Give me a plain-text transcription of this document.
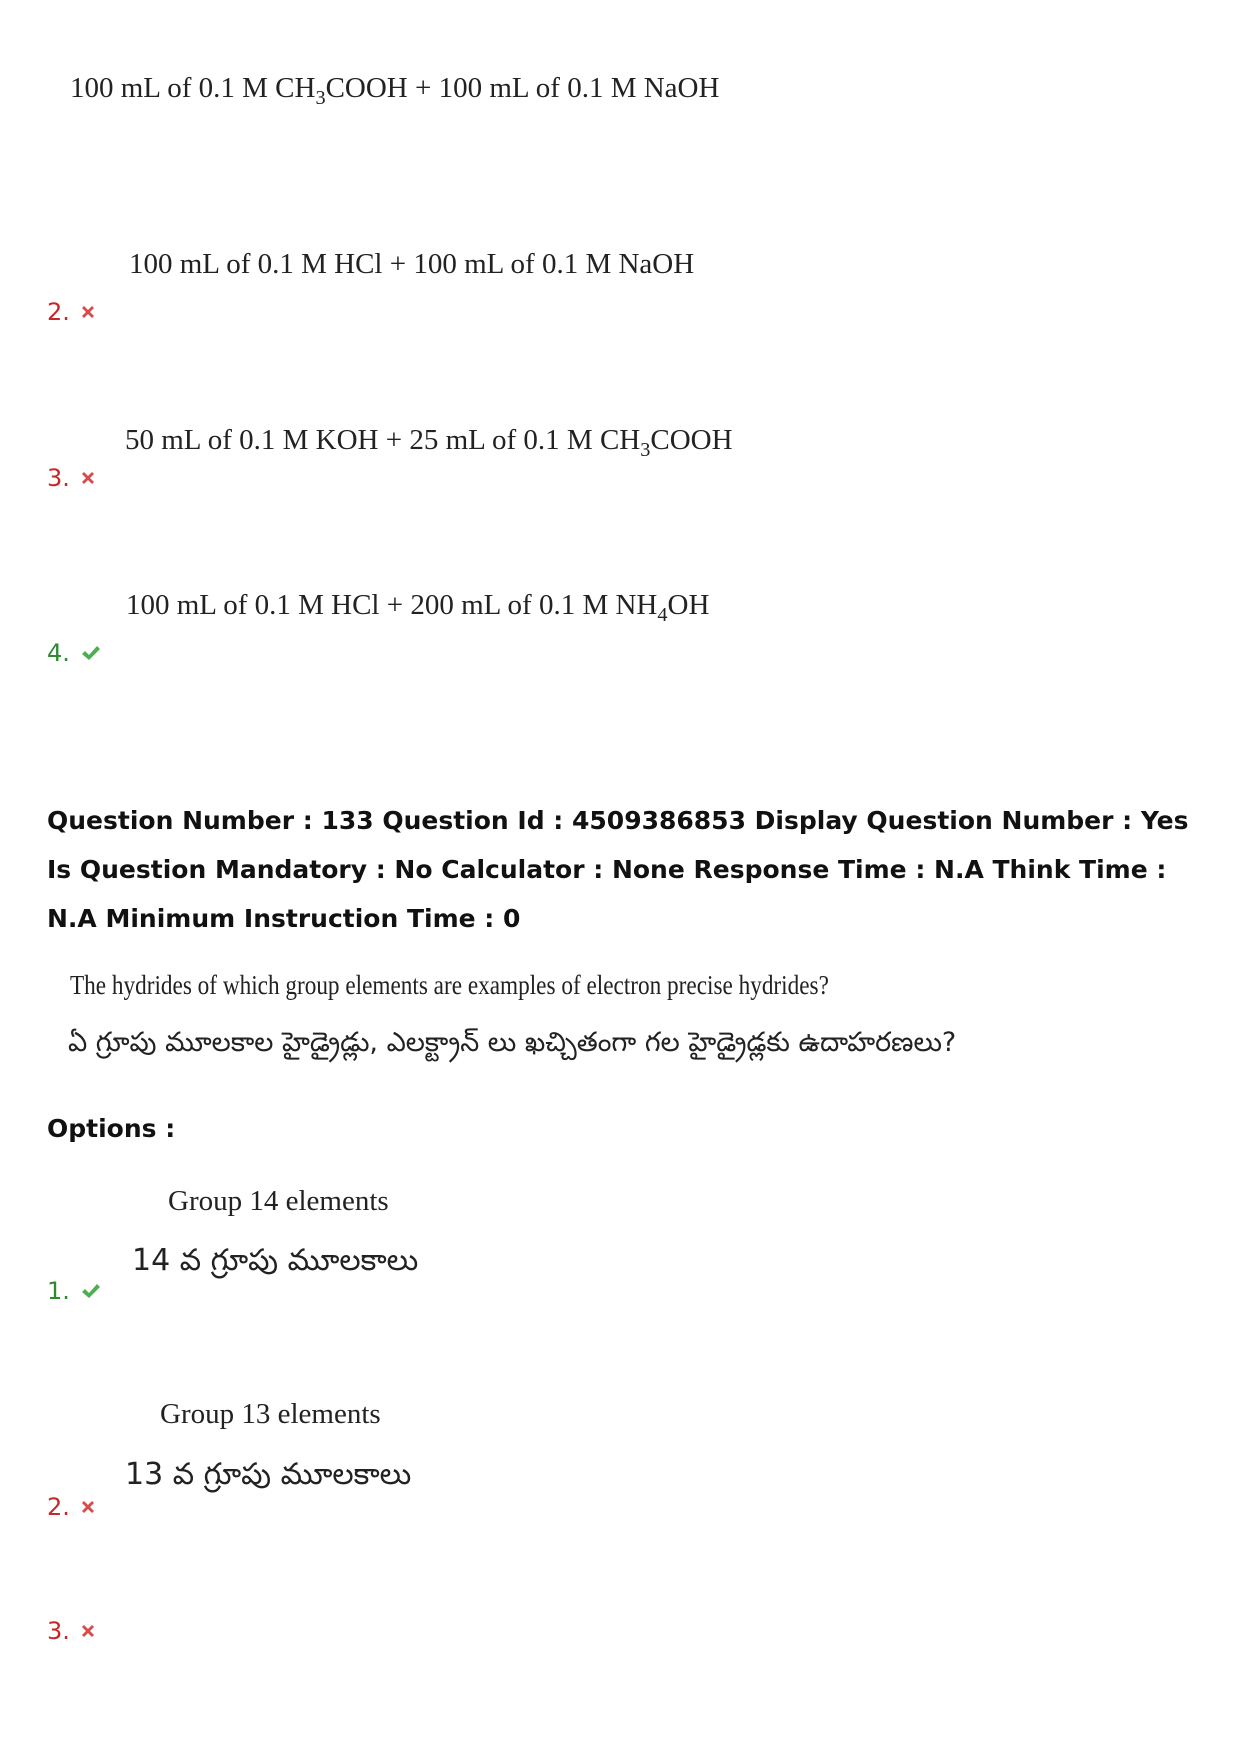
100 mL of 0.1 M $CH_3COOH + 100$ mL of 0.1 M NaOH
100 mL of 0.1 M HCl + 100 mL of 0.1 M NaOH
2.
50 mL of 0.1 M KOH + 25 mL of 0.1 M $CH_3COOH$
3.
100 mL of 0.1 M HCl + 200 mL of 0.1 M $NH_4OH$
4.
Question Number : 133 Question Id : 4509386853 Display Question Number : Yes Is Question Mandatory : No Calculator : None Response Time : N.A Think Time : N.A Minimum Instruction Time : 0
The hydrides of which group elements are examples of electron precise hydrides?
ఏ గ్రూపు మూలకాల హైడ్రైడ్లు, ఎలక్ట్రాన్ లు ఖచ్చితంగా గల హైడ్రైడ్లకు ఉదాహరణలు?
Options :
Group 14 elements
14 వ గ్రూపు మూలకాలు
1.
Group 13 elements
13 వ గ్రూపు మూలకాలు
2.
3.
